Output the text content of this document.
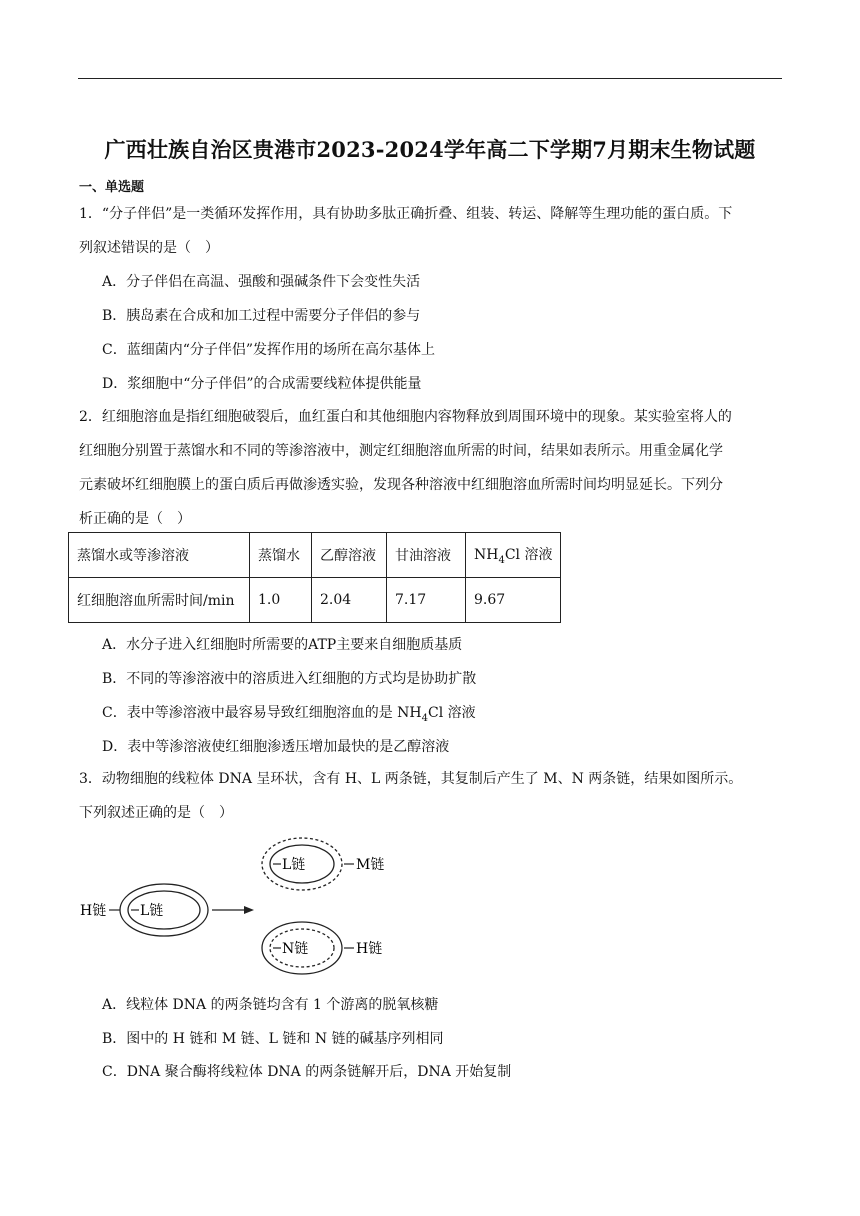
广西壮族自治区贵港市2023-2024学年高二下学期7月期末生物试题
一、单选题
1．“分子伴侣”是一类循环发挥作用，具有协助多肽正确折叠、组装、转运、降解等生理功能的蛋白质。下
列叙述错误的是（　）
A．分子伴侣在高温、强酸和强碱条件下会变性失活
B．胰岛素在合成和加工过程中需要分子伴侣的参与
C．蓝细菌内“分子伴侣”发挥作用的场所在高尔基体上
D．浆细胞中“分子伴侣”的合成需要线粒体提供能量
2．红细胞溶血是指红细胞破裂后，血红蛋白和其他细胞内容物释放到周围环境中的现象。某实验室将人的
红细胞分别置于蒸馏水和不同的等渗溶液中，测定红细胞溶血所需的时间，结果如表所示。用重金属化学
元素破坏红细胞膜上的蛋白质后再做渗透实验，发现各种溶液中红细胞溶血所需时间均明显延长。下列分
析正确的是（　）
蒸馏水或等渗溶液	蒸馏水	乙醇溶液	甘油溶液	$NH_4Cl$ 溶液
红细胞溶血所需时间/min	1.0	2.04	7.17	9.67
A．水分子进入红细胞时所需要的ATP主要来自细胞质基质
B．不同的等渗溶液中的溶质进入红细胞的方式均是协助扩散
C．表中等渗溶液中最容易导致红细胞溶血的是 $NH_4Cl$ 溶液
D．表中等渗溶液使红细胞渗透压增加最快的是乙醇溶液
3．动物细胞的线粒体 DNA 呈环状，含有 H、L 两条链，其复制后产生了 M、N 两条链，结果如图所示。
下列叙述正确的是（　）
H链 L链
L链	M链
N链	H链
A．线粒体 DNA 的两条链均含有 1 个游离的脱氧核糖
B．图中的 H 链和 M 链、L 链和 N 链的碱基序列相同
C．DNA 聚合酶将线粒体 DNA 的两条链解开后，DNA 开始复制
